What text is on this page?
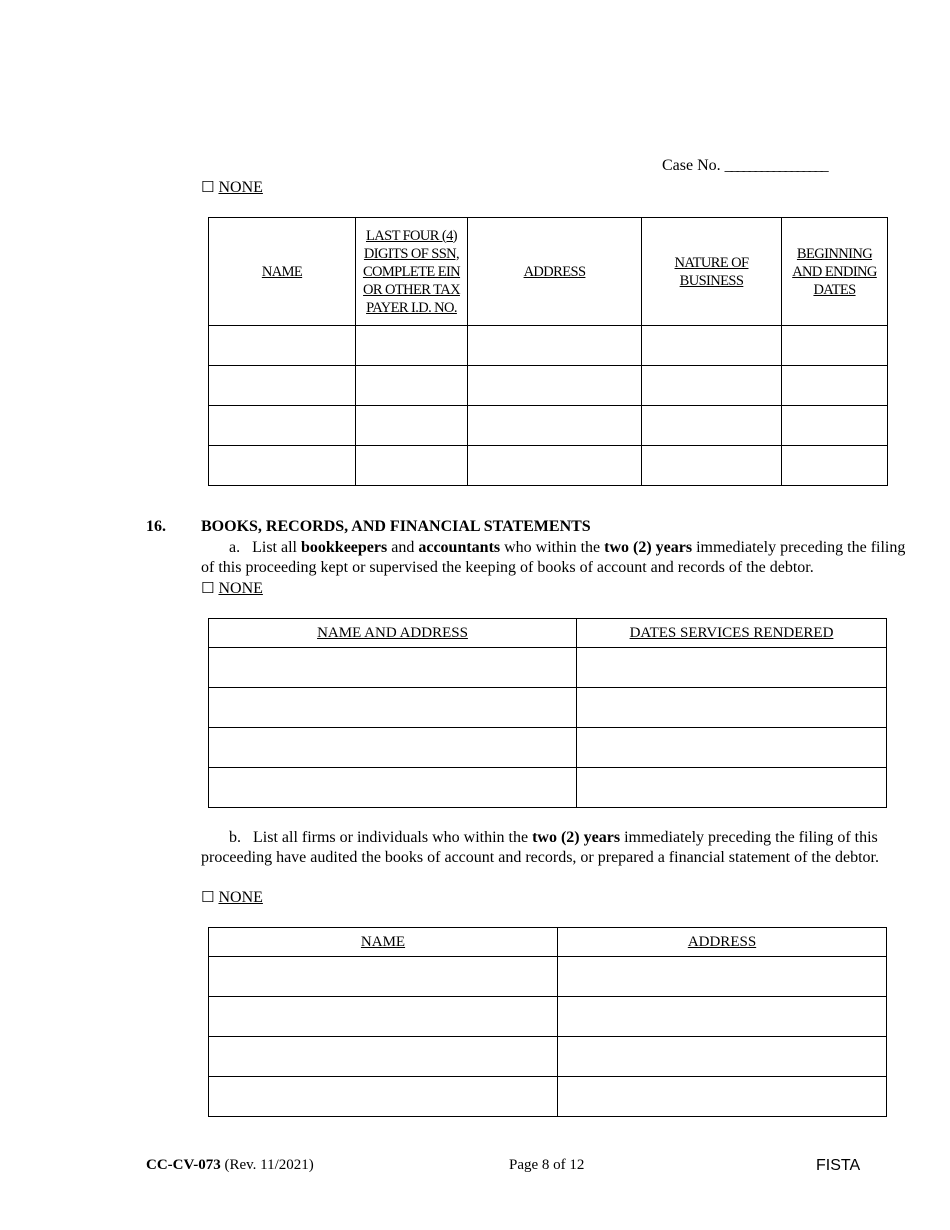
Case No. _________________
☐ NONE
NAME	LAST FOUR (4) DIGITS OF SSN, COMPLETE EIN OR OTHER TAX PAYER I.D. NO.	ADDRESS	NATURE OF BUSINESS	BEGINNING AND ENDING DATES

16. BOOKS, RECORDS, AND FINANCIAL STATEMENTS
a. List all bookkeepers and accountants who within the two (2) years immediately preceding the filing of this proceeding kept or supervised the keeping of books of account and records of the debtor.
☐ NONE
NAME AND ADDRESS	DATES SERVICES RENDERED

b. List all firms or individuals who within the two (2) years immediately preceding the filing of this proceeding have audited the books of account and records, or prepared a financial statement of the debtor.
☐ NONE
NAME	ADDRESS

CC-CV-073 (Rev. 11/2021)	Page 8 of 12	FISTA
